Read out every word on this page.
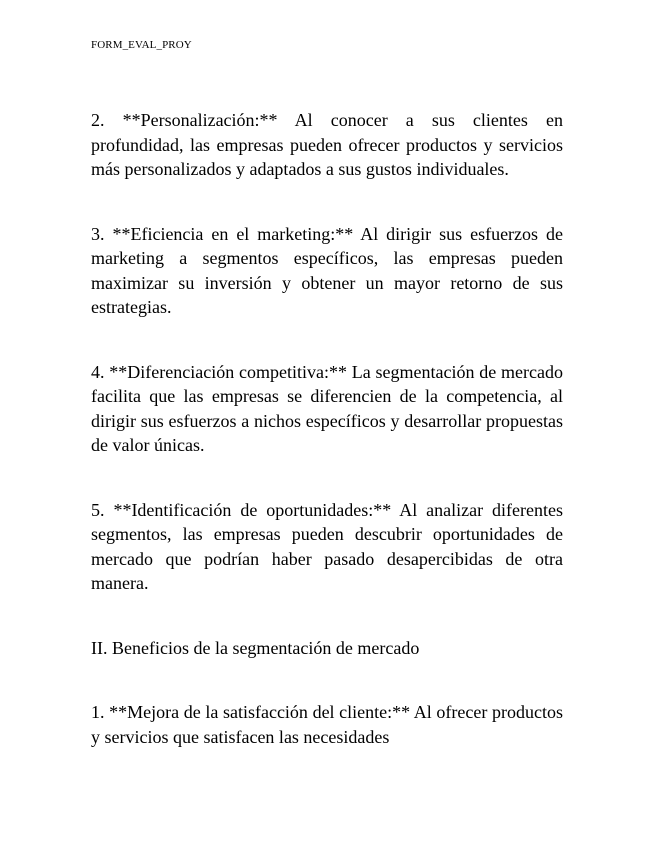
FORM_EVAL_PROY

2. **Personalización:** Al conocer a sus clientes en profundidad, las empresas pueden ofrecer productos y servicios más personalizados y adaptados a sus gustos individuales.

3. **Eficiencia en el marketing:** Al dirigir sus esfuerzos de marketing a segmentos específicos, las empresas pueden maximizar su inversión y obtener un mayor retorno de sus estrategias.

4. **Diferenciación competitiva:** La segmentación de mercado facilita que las empresas se diferencien de la competencia, al dirigir sus esfuerzos a nichos específicos y desarrollar propuestas de valor únicas.

5. **Identificación de oportunidades:** Al analizar diferentes segmentos, las empresas pueden descubrir oportunidades de mercado que podrían haber pasado desapercibidas de otra manera.

II. Beneficios de la segmentación de mercado

1. **Mejora de la satisfacción del cliente:** Al ofrecer productos y servicios que satisfacen las necesidades
